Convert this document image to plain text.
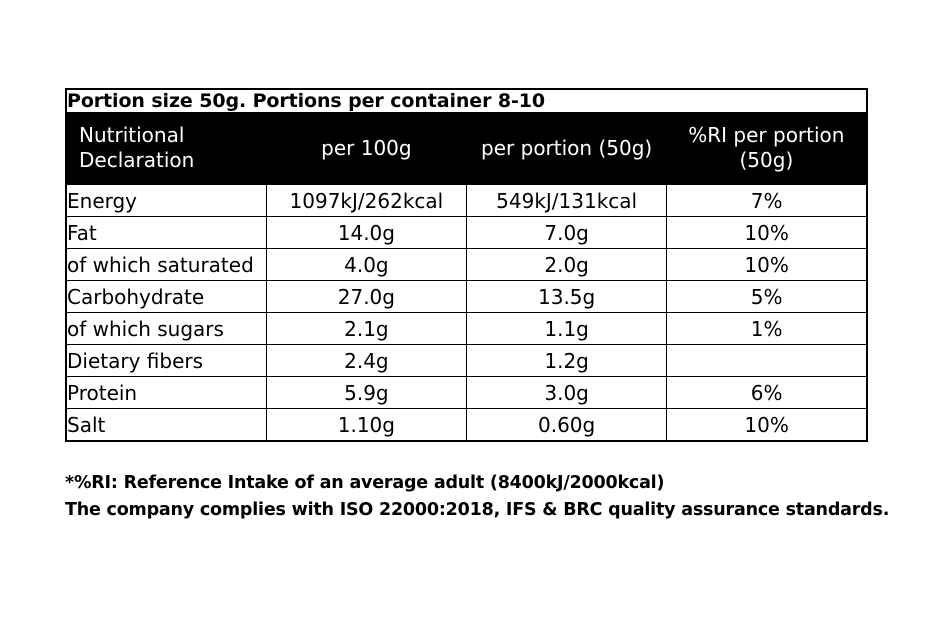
Portion size 50g. Portions per container 8-10			
Nutritional Declaration	per 100g	per portion (50g)	%RI per portion (50g)
Energy	1097kJ/262kcal	549kJ/131kcal	7%
Fat	14.0g	7.0g	10%
of which saturated	4.0g	2.0g	10%
Carbohydrate	27.0g	13.5g	5%
of which sugars	2.1g	1.1g	1%
Dietary fibers	2.4g	1.2g	
Protein	5.9g	3.0g	6%
Salt	1.10g	0.60g	10%
*%RI: Reference Intake of an average adult (8400kJ/2000kcal)
The company complies with ISO 22000:2018, IFS & BRC quality assurance standards.
